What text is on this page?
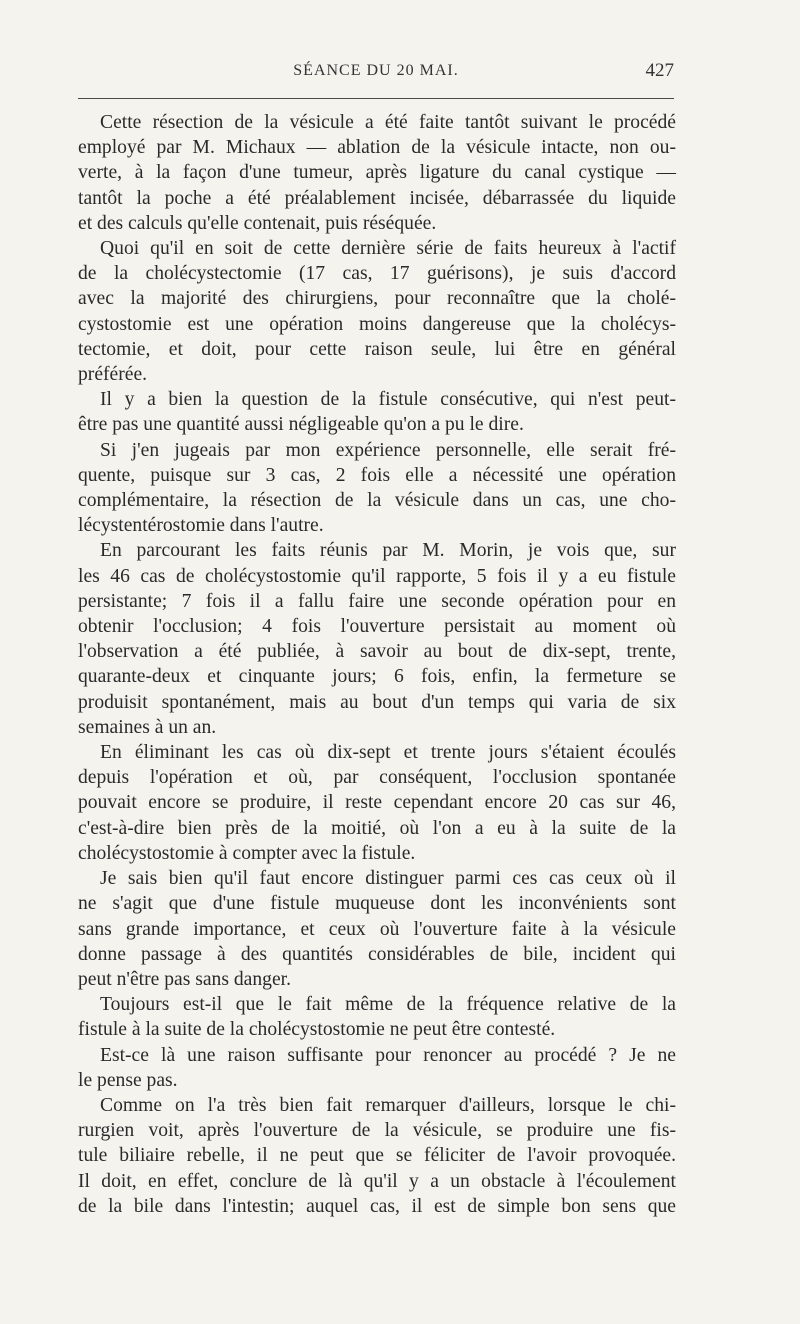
SÉANCE DU 20 MAI.	427

Cette résection de la vésicule a été faite tantôt suivant le procédé
employé par M. Michaux — ablation de la vésicule intacte, non ou-
verte, à la façon d'une tumeur, après ligature du canal cystique —
tantôt la poche a été préalablement incisée, débarrassée du liquide
et des calculs qu'elle contenait, puis réséquée.

Quoi qu'il en soit de cette dernière série de faits heureux à l'actif
de la cholécystectomie (17 cas, 17 guérisons), je suis d'accord
avec la majorité des chirurgiens, pour reconnaître que la cholé-
cystostomie est une opération moins dangereuse que la cholécys-
tectomie, et doit, pour cette raison seule, lui être en général
préférée.

Il y a bien la question de la fistule consécutive, qui n'est peut-
être pas une quantité aussi négligeable qu'on a pu le dire.

Si j'en jugeais par mon expérience personnelle, elle serait fré-
quente, puisque sur 3 cas, 2 fois elle a nécessité une opération
complémentaire, la résection de la vésicule dans un cas, une cho-
lécystentérostomie dans l'autre.

En parcourant les faits réunis par M. Morin, je vois que, sur
les 46 cas de cholécystostomie qu'il rapporte, 5 fois il y a eu fistule
persistante; 7 fois il a fallu faire une seconde opération pour en
obtenir l'occlusion; 4 fois l'ouverture persistait au moment où
l'observation a été publiée, à savoir au bout de dix-sept, trente,
quarante-deux et cinquante jours; 6 fois, enfin, la fermeture se
produisit spontanément, mais au bout d'un temps qui varia de six
semaines à un an.

En éliminant les cas où dix-sept et trente jours s'étaient écoulés
depuis l'opération et où, par conséquent, l'occlusion spontanée
pouvait encore se produire, il reste cependant encore 20 cas sur 46,
c'est-à-dire bien près de la moitié, où l'on a eu à la suite de la
cholécystostomie à compter avec la fistule.

Je sais bien qu'il faut encore distinguer parmi ces cas ceux où il
ne s'agit que d'une fistule muqueuse dont les inconvénients sont
sans grande importance, et ceux où l'ouverture faite à la vésicule
donne passage à des quantités considérables de bile, incident qui
peut n'être pas sans danger.

Toujours est-il que le fait même de la fréquence relative de la
fistule à la suite de la cholécystostomie ne peut être contesté.

Est-ce là une raison suffisante pour renoncer au procédé ? Je ne
le pense pas.

Comme on l'a très bien fait remarquer d'ailleurs, lorsque le chi-
rurgien voit, après l'ouverture de la vésicule, se produire une fis-
tule biliaire rebelle, il ne peut que se féliciter de l'avoir provoquée.
Il doit, en effet, conclure de là qu'il y a un obstacle à l'écoulement
de la bile dans l'intestin; auquel cas, il est de simple bon sens que
